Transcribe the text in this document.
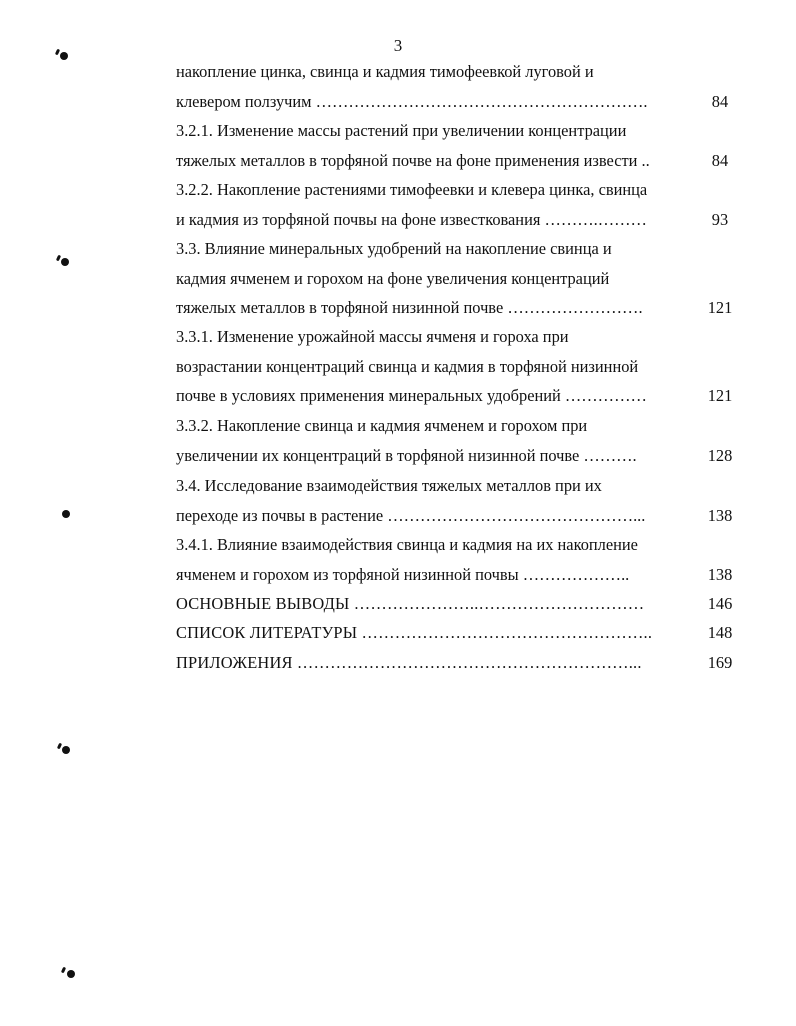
3
накопление цинка, свинца и кадмия тимофеевкой луговой и
клевером ползучим …………………………………………………….	84
3.2.1. Изменение массы растений при увеличении концентрации
тяжелых металлов в торфяной почве на фоне применения извести ..	84
3.2.2. Накопление растениями тимофеевки и клевера цинка, свинца
и кадмия из торфяной почвы на фоне известкования ……….………	93
3.3. Влияние минеральных удобрений на накопление свинца и
кадмия ячменем и горохом на фоне увеличения концентраций
тяжелых металлов в торфяной низинной почве …………………….	121
3.3.1. Изменение урожайной массы ячменя и гороха при
возрастании концентраций свинца и кадмия в торфяной низинной
почве в условиях применения минеральных удобрений ……………	121
3.3.2. Накопление свинца и кадмия ячменем и горохом при
увеличении их концентраций в торфяной низинной почве ……….	128
3.4. Исследование взаимодействия тяжелых металлов при их
переходе из почвы в растение ………………………………………...	138
3.4.1. Влияние взаимодействия свинца и кадмия на их накопление
ячменем и горохом из торфяной низинной почвы ………………..	138
ОСНОВНЫЕ ВЫВОДЫ …………………..…………………………	146
СПИСОК ЛИТЕРАТУРЫ ……………………………………………..	148
ПРИЛОЖЕНИЯ ……………………………………………………...	169
